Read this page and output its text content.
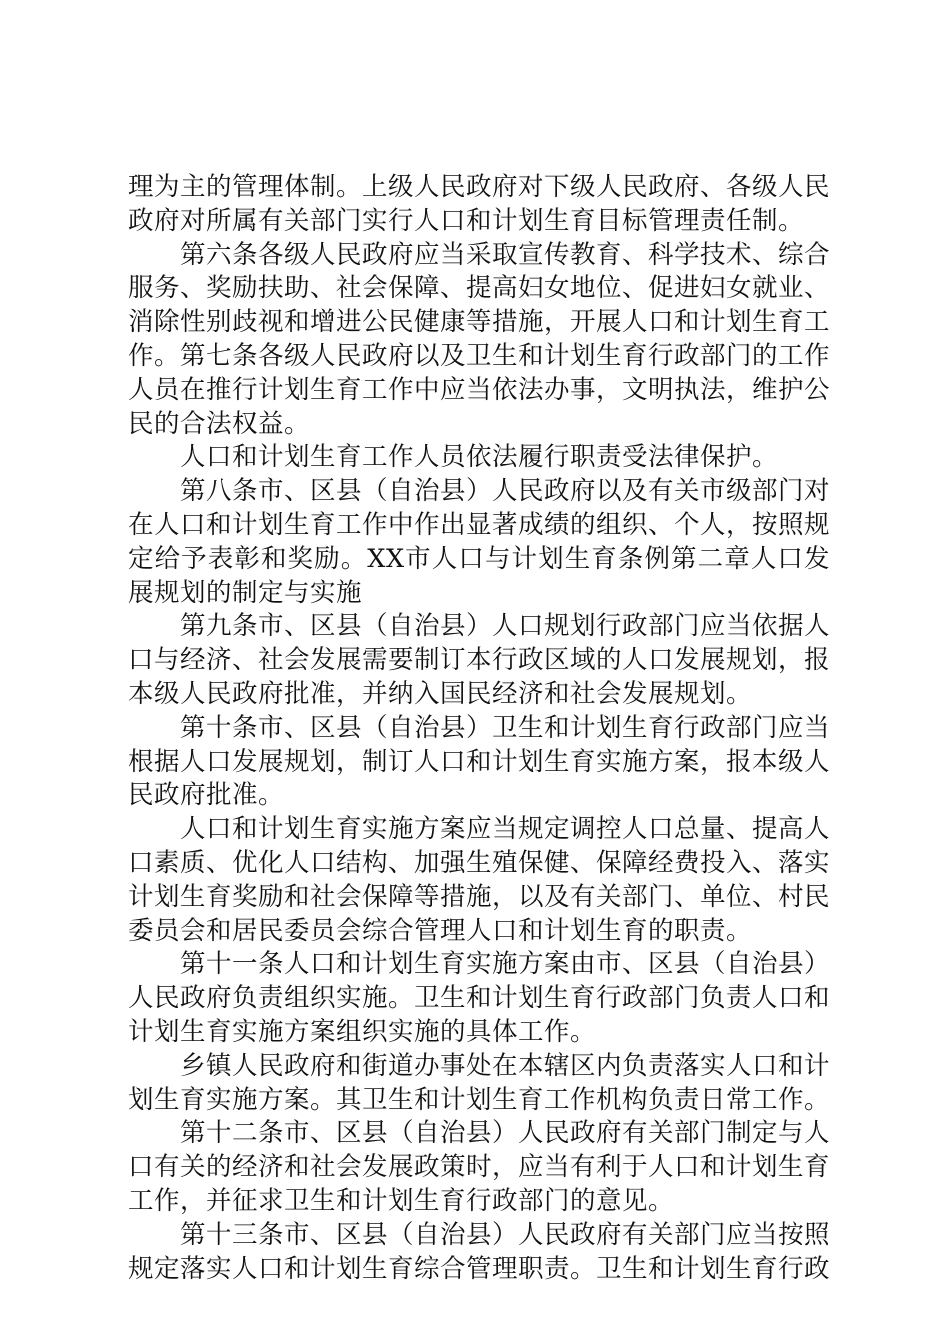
理为主的管理体制。上级人民政府对下级人民政府、各级人民政府对所属有关部门实行人口和计划生育目标管理责任制。

第六条各级人民政府应当采取宣传教育、科学技术、综合服务、奖励扶助、社会保障、提高妇女地位、促进妇女就业、消除性别歧视和增进公民健康等措施，开展人口和计划生育工作。第七条各级人民政府以及卫生和计划生育行政部门的工作人员在推行计划生育工作中应当依法办事，文明执法，维护公民的合法权益。

人口和计划生育工作人员依法履行职责受法律保护。

第八条市、区县（自治县）人民政府以及有关市级部门对在人口和计划生育工作中作出显著成绩的组织、个人，按照规定给予表彰和奖励。XX市人口与计划生育条例第二章人口发展规划的制定与实施

第九条市、区县（自治县）人口规划行政部门应当依据人口与经济、社会发展需要制订本行政区域的人口发展规划，报本级人民政府批准，并纳入国民经济和社会发展规划。

第十条市、区县（自治县）卫生和计划生育行政部门应当根据人口发展规划，制订人口和计划生育实施方案，报本级人民政府批准。

人口和计划生育实施方案应当规定调控人口总量、提高人口素质、优化人口结构、加强生殖保健、保障经费投入、落实计划生育奖励和社会保障等措施，以及有关部门、单位、村民委员会和居民委员会综合管理人口和计划生育的职责。

第十一条人口和计划生育实施方案由市、区县（自治县）人民政府负责组织实施。卫生和计划生育行政部门负责人口和计划生育实施方案组织实施的具体工作。

乡镇人民政府和街道办事处在本辖区内负责落实人口和计划生育实施方案。其卫生和计划生育工作机构负责日常工作。

第十二条市、区县（自治县）人民政府有关部门制定与人口有关的经济和社会发展政策时，应当有利于人口和计划生育工作，并征求卫生和计划生育行政部门的意见。

第十三条市、区县（自治县）人民政府有关部门应当按照规定落实人口和计划生育综合管理职责。卫生和计划生育行政
